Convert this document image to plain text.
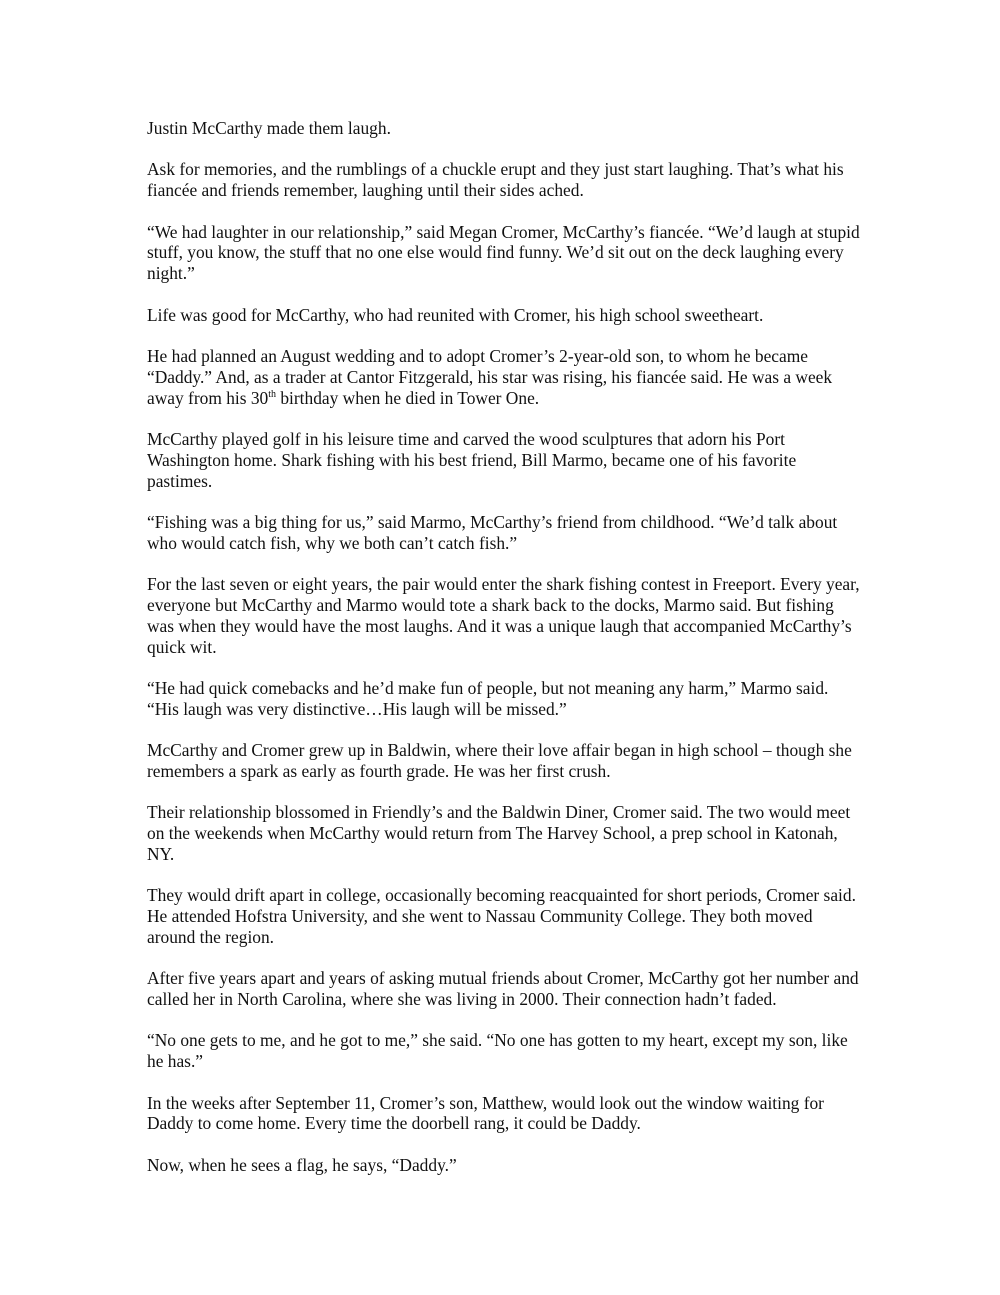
Justin McCarthy made them laugh.

Ask for memories, and the rumblings of a chuckle erupt and they just start laughing. That’s what his fiancée and friends remember, laughing until their sides ached.

“We had laughter in our relationship,” said Megan Cromer, McCarthy’s fiancée. “We’d laugh at stupid stuff, you know, the stuff that no one else would find funny. We’d sit out on the deck laughing every night.”

Life was good for McCarthy, who had reunited with Cromer, his high school sweetheart.

He had planned an August wedding and to adopt Cromer’s 2-year-old son, to whom he became “Daddy.” And, as a trader at Cantor Fitzgerald, his star was rising, his fiancée said. He was a week away from his 30th birthday when he died in Tower One.

McCarthy played golf in his leisure time and carved the wood sculptures that adorn his Port Washington home. Shark fishing with his best friend, Bill Marmo, became one of his favorite pastimes.

“Fishing was a big thing for us,” said Marmo, McCarthy’s friend from childhood. “We’d talk about who would catch fish, why we both can’t catch fish.”

For the last seven or eight years, the pair would enter the shark fishing contest in Freeport. Every year, everyone but McCarthy and Marmo would tote a shark back to the docks, Marmo said. But fishing was when they would have the most laughs. And it was a unique laugh that accompanied McCarthy’s quick wit.

“He had quick comebacks and he’d make fun of people, but not meaning any harm,” Marmo said. “His laugh was very distinctive…His laugh will be missed.”

McCarthy and Cromer grew up in Baldwin, where their love affair began in high school – though she remembers a spark as early as fourth grade. He was her first crush.

Their relationship blossomed in Friendly’s and the Baldwin Diner, Cromer said. The two would meet on the weekends when McCarthy would return from The Harvey School, a prep school in Katonah, NY.

They would drift apart in college, occasionally becoming reacquainted for short periods, Cromer said. He attended Hofstra University, and she went to Nassau Community College. They both moved around the region.

After five years apart and years of asking mutual friends about Cromer, McCarthy got her number and called her in North Carolina, where she was living in 2000. Their connection hadn’t faded.

“No one gets to me, and he got to me,” she said. “No one has gotten to my heart, except my son, like he has.”

In the weeks after September 11, Cromer’s son, Matthew, would look out the window waiting for Daddy to come home. Every time the doorbell rang, it could be Daddy.

Now, when he sees a flag, he says, “Daddy.”
